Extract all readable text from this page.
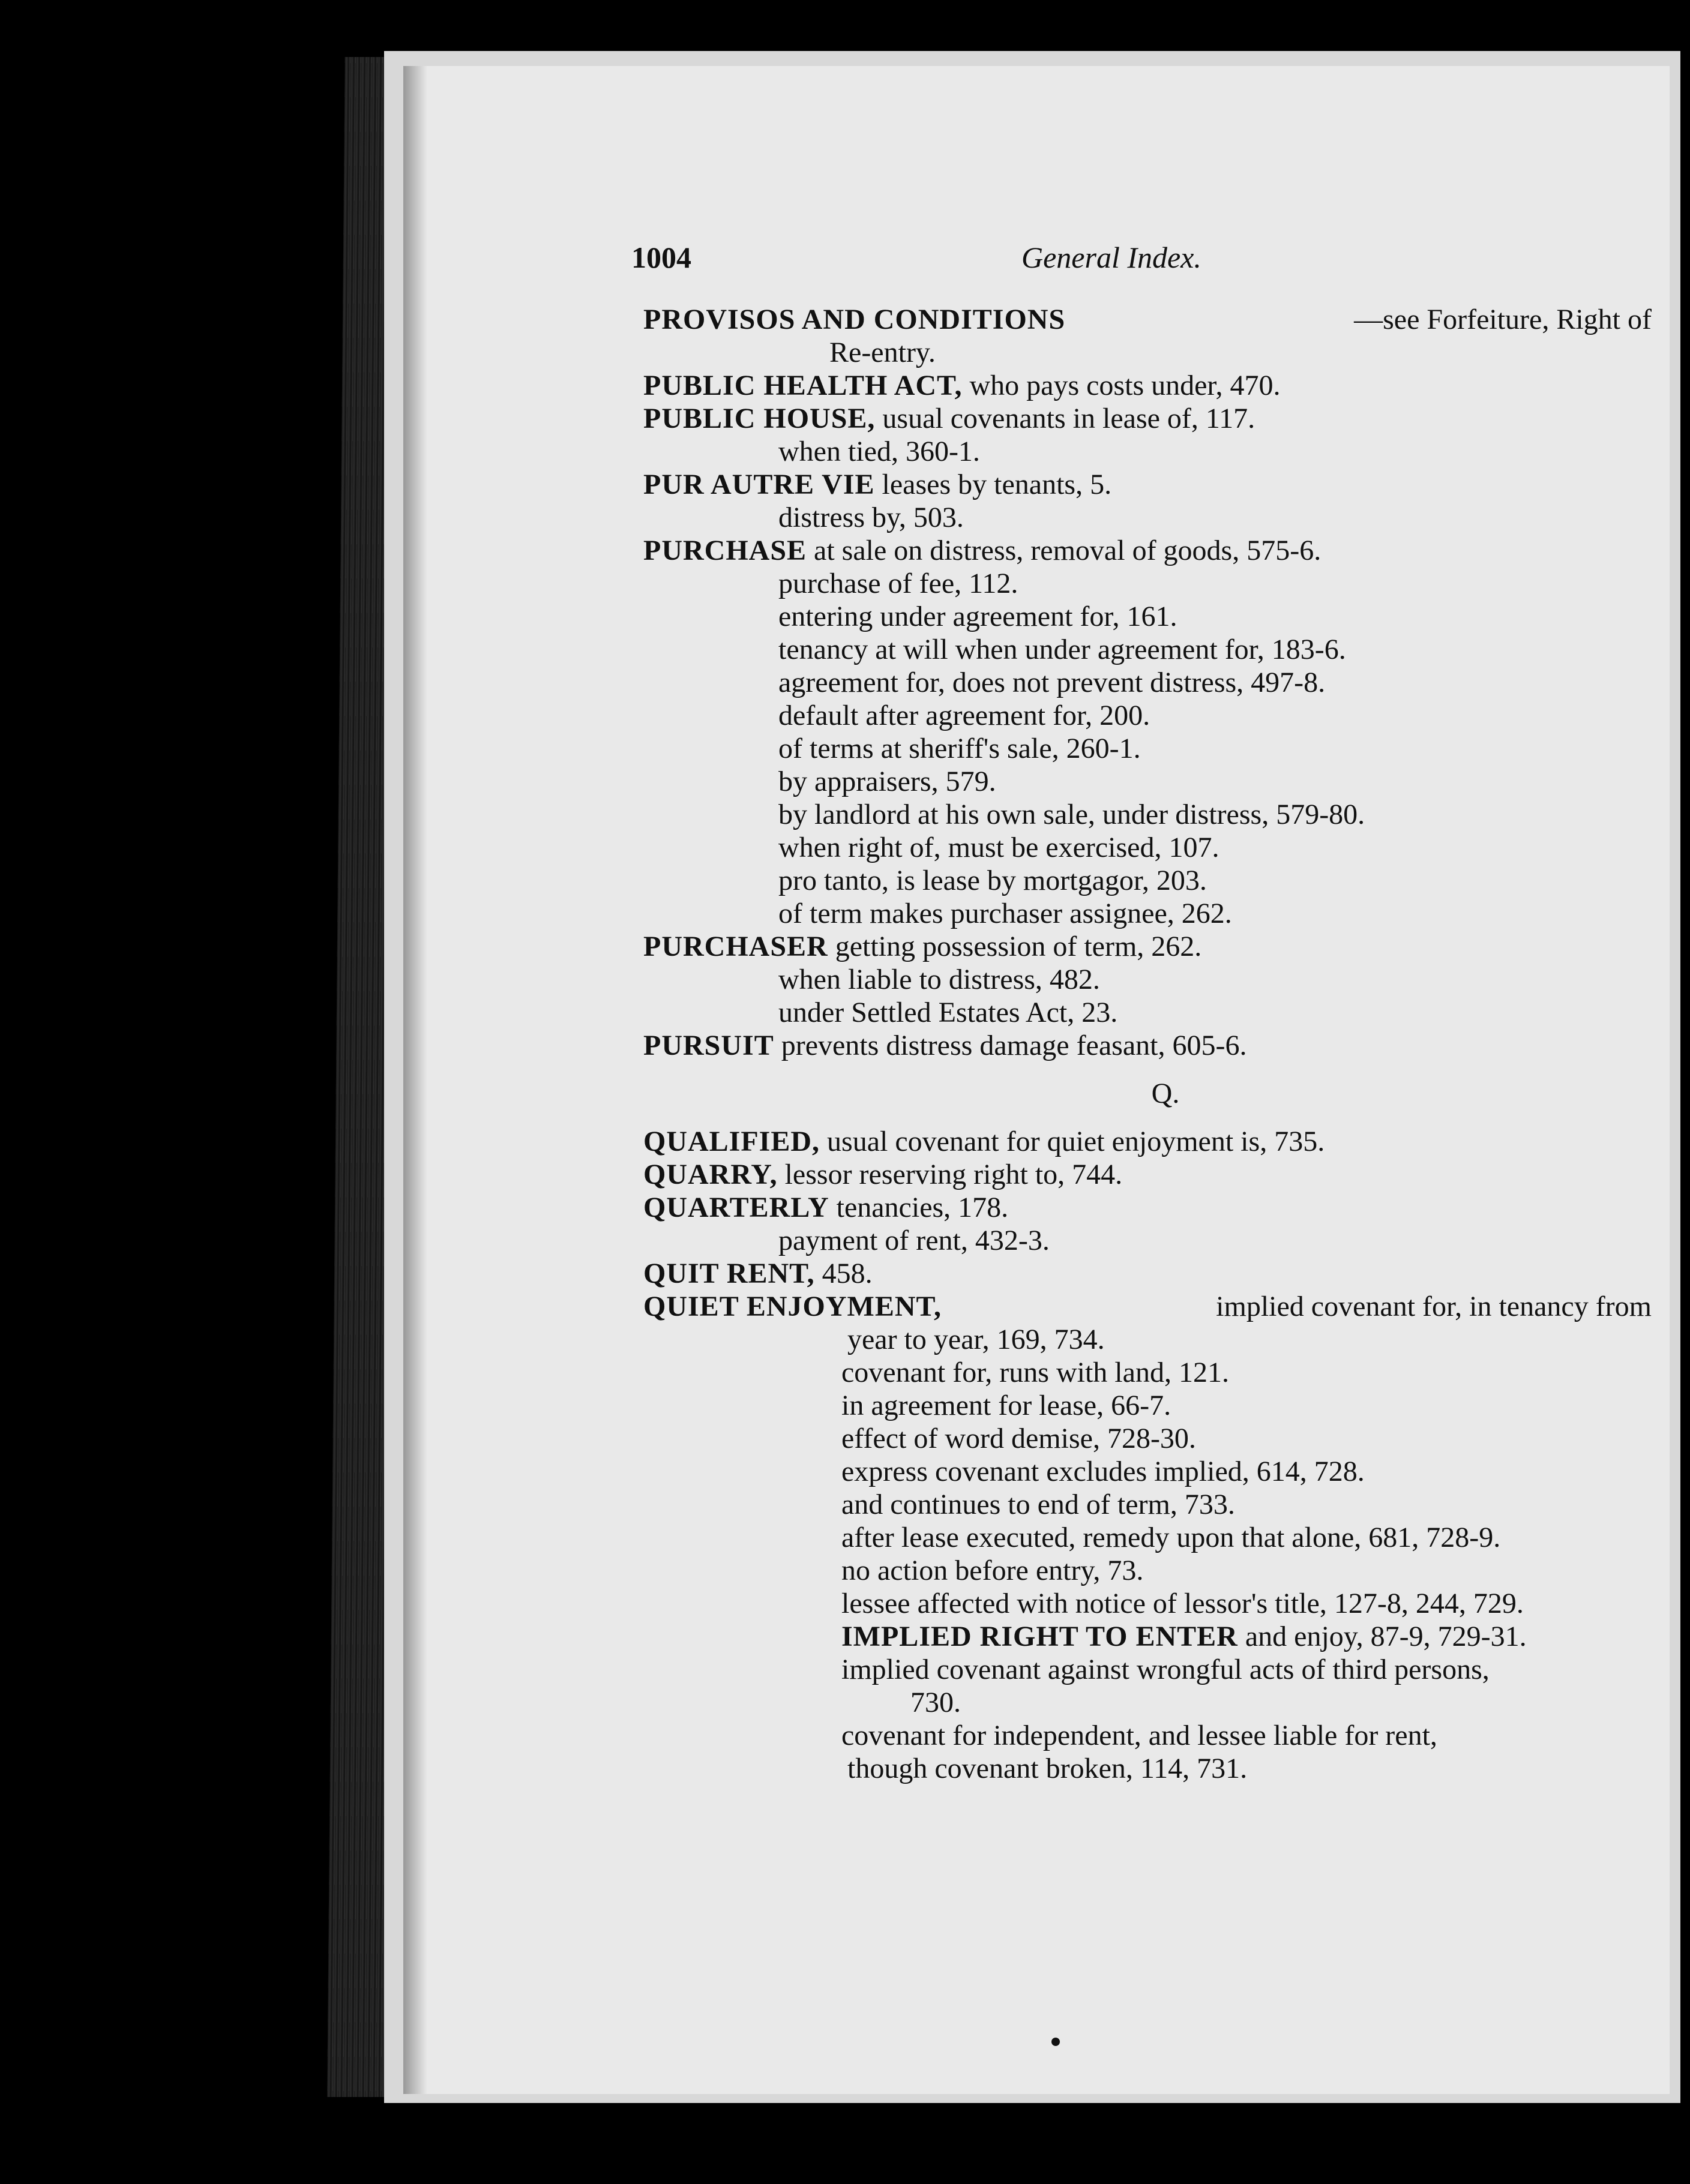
1004	General Index.
PROVISOS AND CONDITIONS	—see Forfeiture, Right of
Re-entry.
PUBLIC HEALTH ACT, who pays costs under, 470.
PUBLIC HOUSE, usual covenants in lease of, 117.
when tied, 360-1.
PUR AUTRE VIE leases by tenants, 5.
distress by, 503.
PURCHASE at sale on distress, removal of goods, 575-6.
purchase of fee, 112.
entering under agreement for, 161.
tenancy at will when under agreement for, 183-6.
agreement for, does not prevent distress, 497-8.
default after agreement for, 200.
of terms at sheriff's sale, 260-1.
by appraisers, 579.
by landlord at his own sale, under distress, 579-80.
when right of, must be exercised, 107.
pro tanto, is lease by mortgagor, 203.
of term makes purchaser assignee, 262.
PURCHASER getting possession of term, 262.
when liable to distress, 482.
under Settled Estates Act, 23.
PURSUIT prevents distress damage feasant, 605-6.
Q.
QUALIFIED, usual covenant for quiet enjoyment is, 735.
QUARRY, lessor reserving right to, 744.
QUARTERLY tenancies, 178.
payment of rent, 432-3.
QUIT RENT, 458.
QUIET ENJOYMENT,	implied covenant for, in tenancy from
year to year, 169, 734.
covenant for, runs with land, 121.
in agreement for lease, 66-7.
effect of word demise, 728-30.
express covenant excludes implied, 614, 728.
and continues to end of term, 733.
after lease executed, remedy upon that alone, 681, 728-9.
no action before entry, 73.
lessee affected with notice of lessor's title, 127-8, 244, 729.
IMPLIED RIGHT TO ENTER and enjoy, 87-9, 729-31.
implied covenant against wrongful acts of third persons,
730.
covenant for independent, and lessee liable for rent,
though covenant broken, 114, 731.
